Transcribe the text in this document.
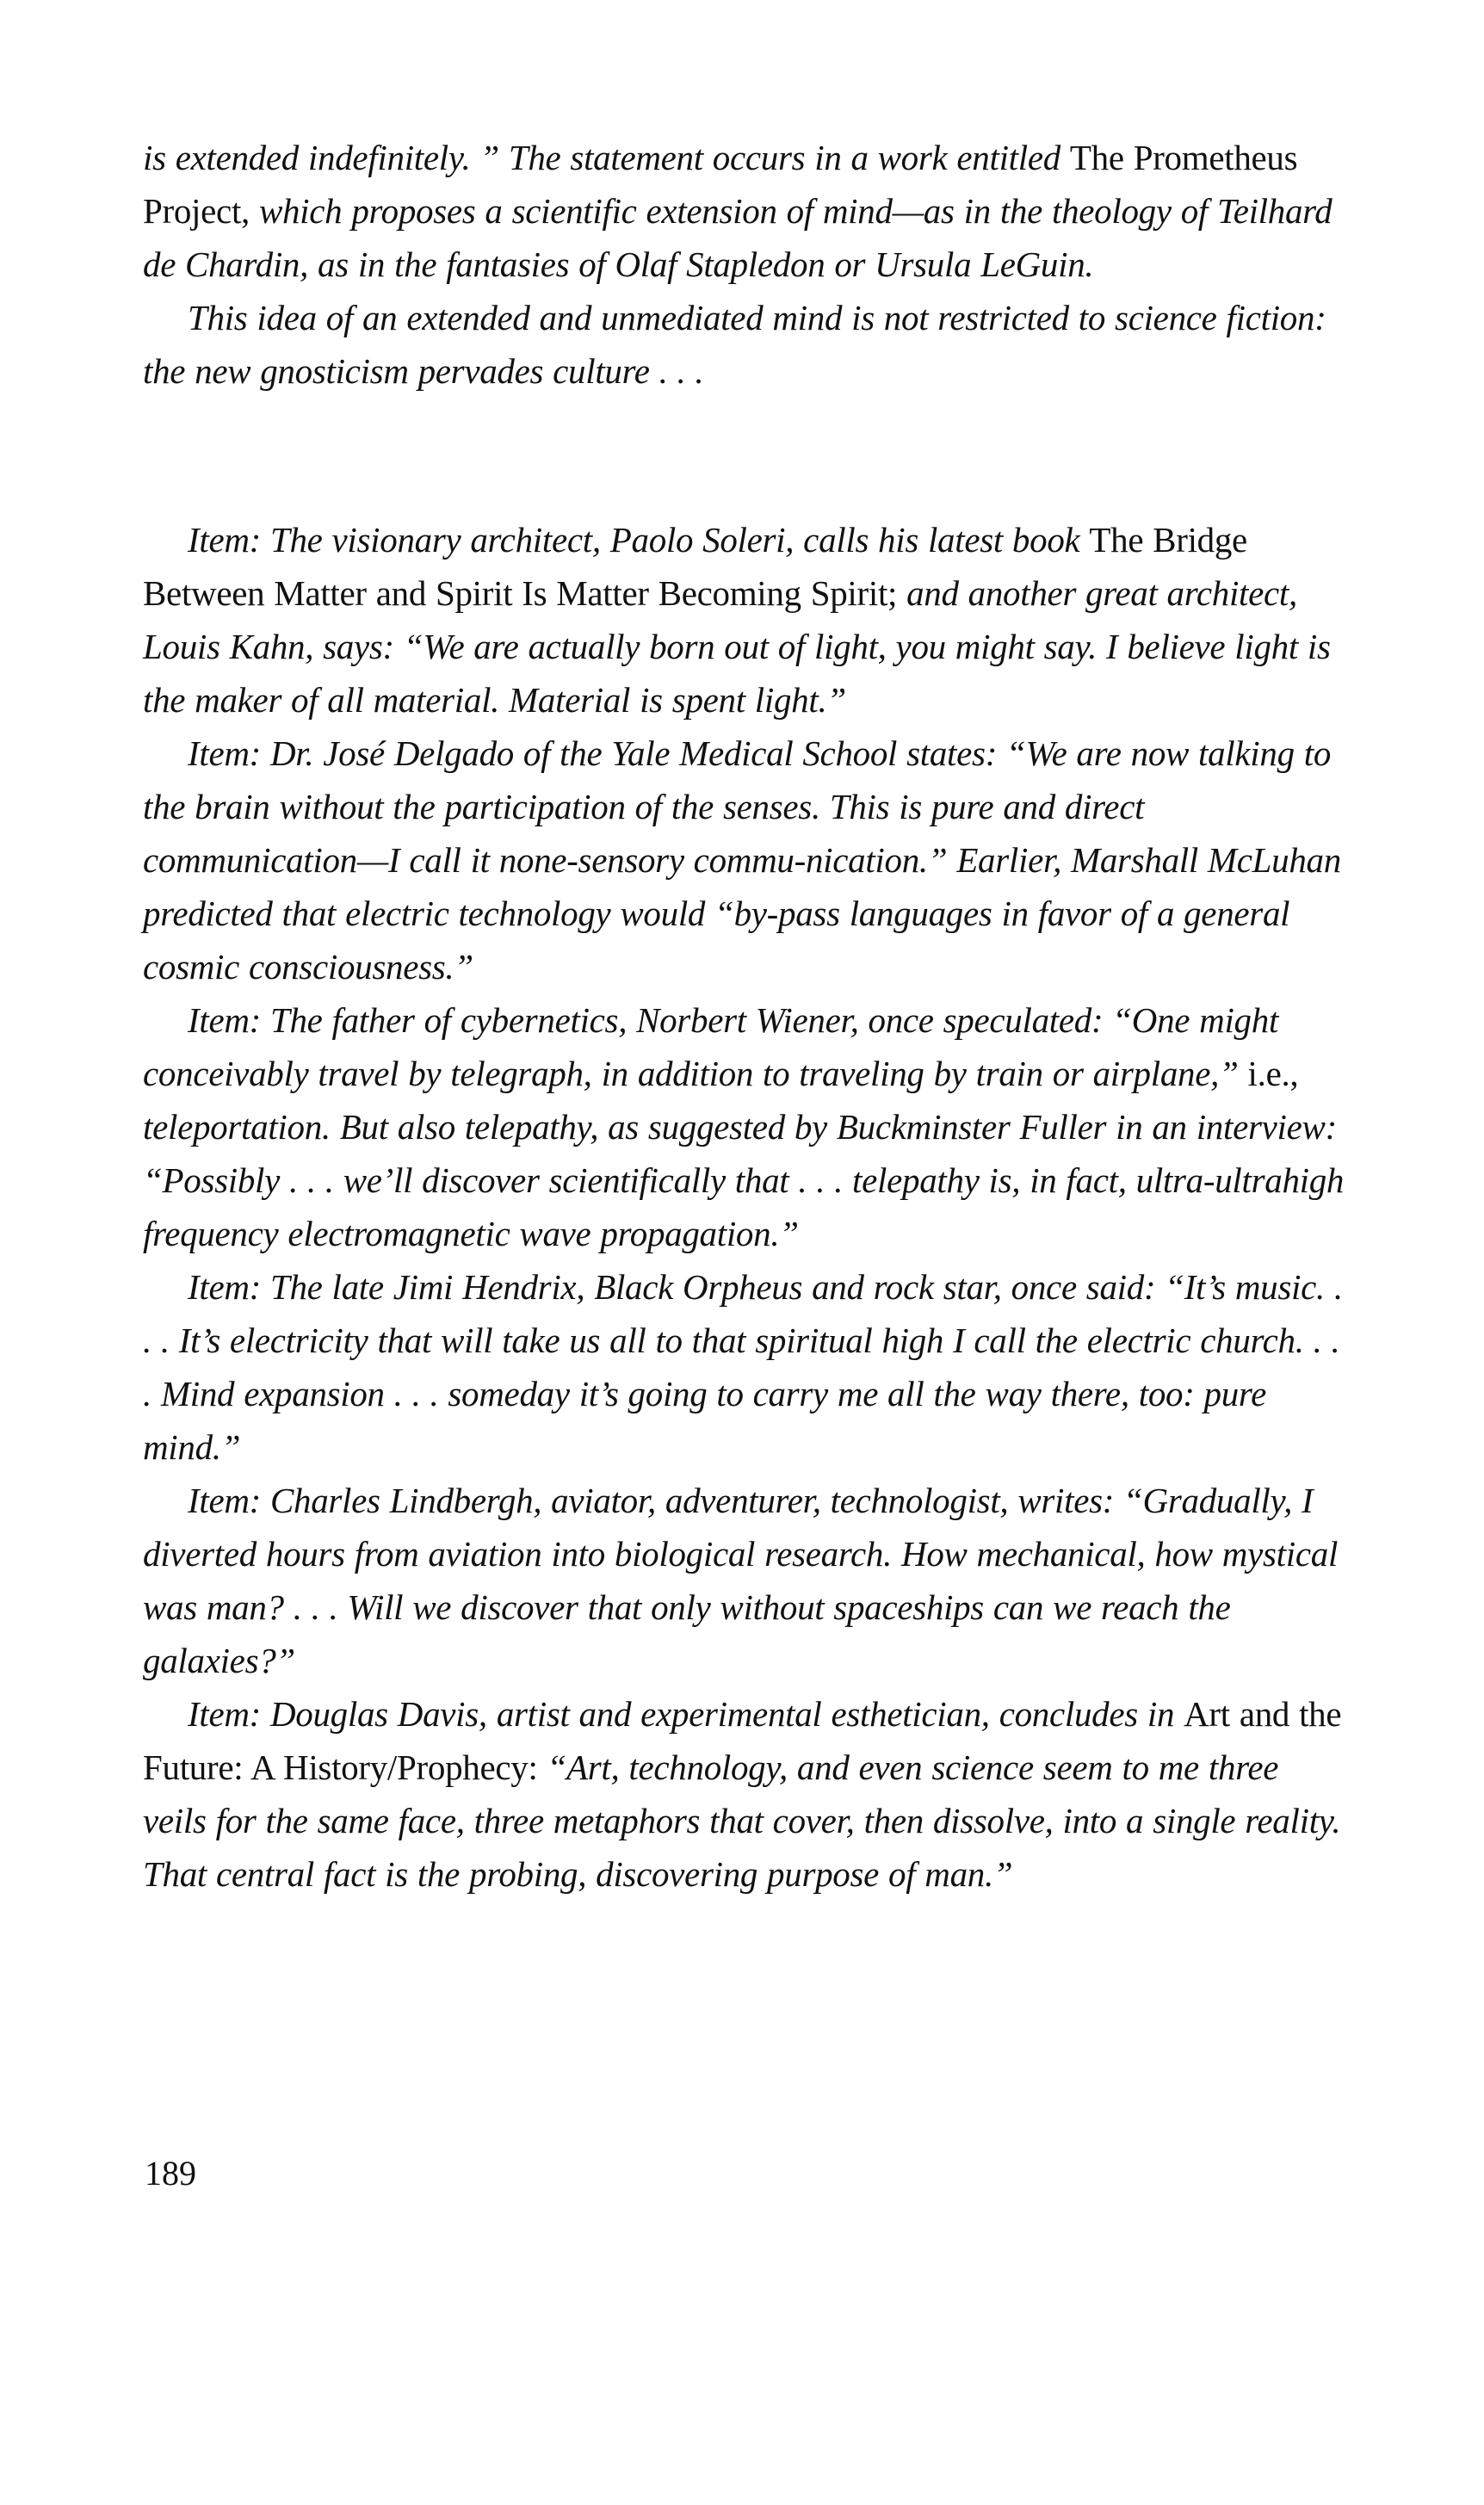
is extended indefinitely. ” The statement occurs in a work entitled The Prometheus Project, which proposes a scientific extension of mind—as in the theology of Teilhard de Chardin, as in the fantasies of Olaf Stapledon or Ursula LeGuin.

This idea of an extended and unmediated mind is not restricted to science fiction: the new gnosticism pervades culture . . .

Item: The visionary architect, Paolo Soleri, calls his latest book The Bridge Between Matter and Spirit Is Matter Becoming Spirit; and another great architect, Louis Kahn, says: “We are actually born out of light, you might say. I believe light is the maker of all material. Material is spent light.”

Item: Dr. José Delgado of the Yale Medical School states: “We are now talking to the brain without the participation of the senses. This is pure and direct communication—I call it none-sensory commu-nication.” Earlier, Marshall McLuhan predicted that electric technology would “by-pass languages in favor of a general cosmic consciousness.”

Item: The father of cybernetics, Norbert Wiener, once speculated: “One might conceivably travel by telegraph, in addition to traveling by train or airplane,” i.e., teleportation. But also telepathy, as suggested by Buckminster Fuller in an interview: “Possibly . . . we’ll discover scientifically that . . . telepathy is, in fact, ultra-ultrahigh frequency electromagnetic wave propagation.”

Item: The late Jimi Hendrix, Black Orpheus and rock star, once said: “It’s music. . . . It’s electricity that will take us all to that spiritual high I call the electric church. . . . Mind expansion . . . someday it’s going to carry me all the way there, too: pure mind.”

Item: Charles Lindbergh, aviator, adventurer, technologist, writes: “Gradually, I diverted hours from aviation into biological research. How mechanical, how mystical was man? . . . Will we discover that only without spaceships can we reach the galaxies?”

Item: Douglas Davis, artist and experimental esthetician, concludes in Art and the Future: A History/Prophecy: “Art, technology, and even science seem to me three veils for the same face, three metaphors that cover, then dissolve, into a single reality. That central fact is the probing, discovering purpose of man.”

189
